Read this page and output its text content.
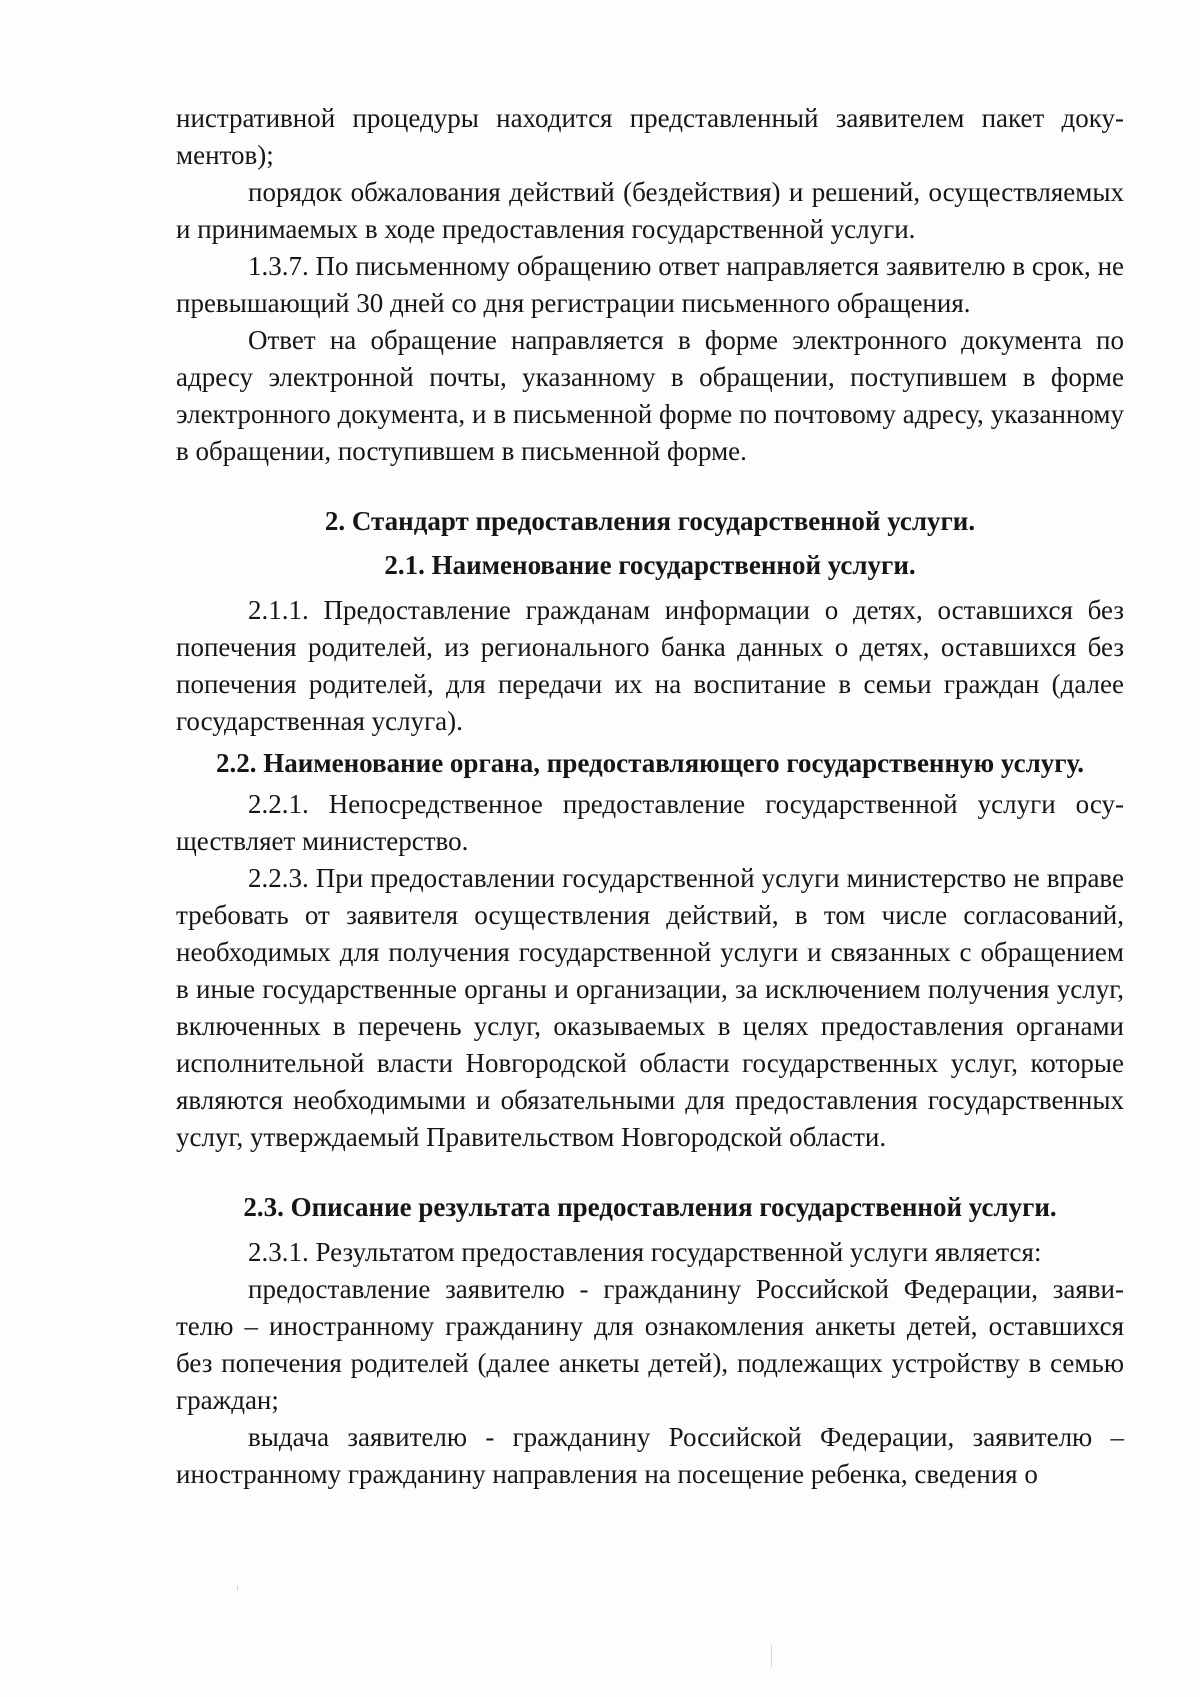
нистративной процедуры находится представленный заявителем пакет документов);

порядок обжалования действий (бездействия) и решений, осуществляемых и принимаемых в ходе предоставления государственной услуги.

1.3.7. По письменному обращению ответ направляется заявителю в срок, не превышающий 30 дней со дня регистрации письменного обращения.

Ответ на обращение направляется в форме электронного документа по адресу электронной почты, указанному в обращении, поступившем в форме электронного документа, и в письменной форме по почтовому адресу, указанному в обращении, поступившем в письменной форме.

2. Стандарт предоставления государственной услуги.
2.1. Наименование государственной услуги.

2.1.1. Предоставление гражданам информации о детях, оставшихся без попечения родителей, из регионального банка данных о детях, оставшихся без попечения родителей, для передачи их на воспитание в семьи граждан (далее государственная услуга).

2.2. Наименование органа, предоставляющего государственную услугу.

2.2.1. Непосредственное предоставление государственной услуги осуществляет министерство.

2.2.3. При предоставлении государственной услуги министерство не вправе требовать от заявителя осуществления действий, в том числе согласований, необходимых для получения государственной услуги и связанных с обращением в иные государственные органы и организации, за исключением получения услуг, включенных в перечень услуг, оказываемых в целях предоставления органами исполнительной власти Новгородской области государственных услуг, которые являются необходимыми и обязательными для предоставления государственных услуг, утверждаемый Правительством Новгородской области.

2.3. Описание результата предоставления государственной услуги.

2.3.1. Результатом предоставления государственной услуги является:

предоставление заявителю - гражданину Российской Федерации, заявителю – иностранному гражданину для ознакомления анкеты детей, оставшихся без попечения родителей (далее анкеты детей), подлежащих устройству в семью граждан;

выдача заявителю - гражданину Российской Федерации, заявителю – иностранному гражданину направления на посещение ребенка, сведения о
